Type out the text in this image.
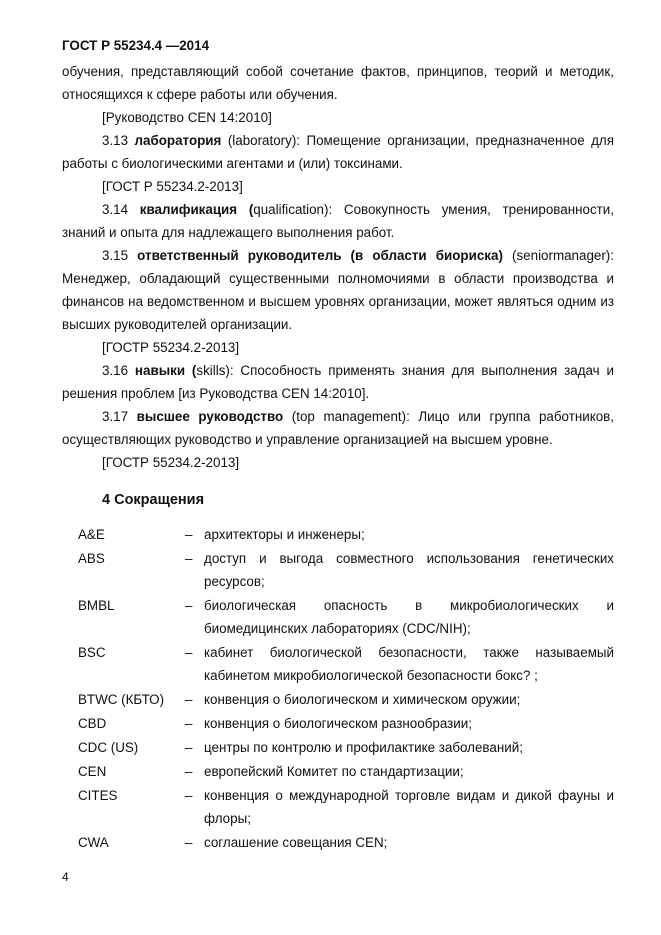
ГОСТ Р 55234.4 —2014

обучения, представляющий собой сочетание фактов, принципов, теорий и методик, относящихся к сфере работы или обучения.

[Руководство CEN 14:2010]

3.13 лаборатория (laboratory): Помещение организации, предназначенное для работы с биологическими агентами и (или) токсинами.

[ГОСТ Р 55234.2-2013]

3.14 квалификация (qualification): Совокупность умения, тренированности, знаний и опыта для надлежащего выполнения работ.

3.15 ответственный руководитель (в области биориска) (seniormanager): Менеджер, обладающий существенными полномочиями в области производства и финансов на ведомственном и высшем уровнях организации, может являться одним из высших руководителей организации.

[ГОСТР 55234.2-2013]

3.16 навыки (skills): Способность применять знания для выполнения задач и решения проблем [из Руководства CEN 14:2010].

3.17 высшее руководство (top management): Лицо или группа работников, осуществляющих руководство и управление организацией на высшем уровне.

[ГОСТР 55234.2-2013]

4 Сокращения
A&E	– архитекторы и инженеры;
ABS	– доступ и выгода совместного использования генетических ресурсов;
BMBL	– биологическая опасность в микробиологических и биомедицинских лабораториях (CDC/NIH);
BSC	– кабинет биологической безопасности, также называемый кабинетом микробиологической безопасности бокс? ;
BTWC (КБТО)	– конвенция о биологическом и химическом оружии;
CBD	– конвенция о биологическом разнообразии;
CDC (US)	– центры по контролю и профилактике заболеваний;
CEN	– европейский Комитет по стандартизации;
CITES	– конвенция о международной торговле видам и дикой фауны и флоры;
CWA	– соглашение совещания CEN;
4
